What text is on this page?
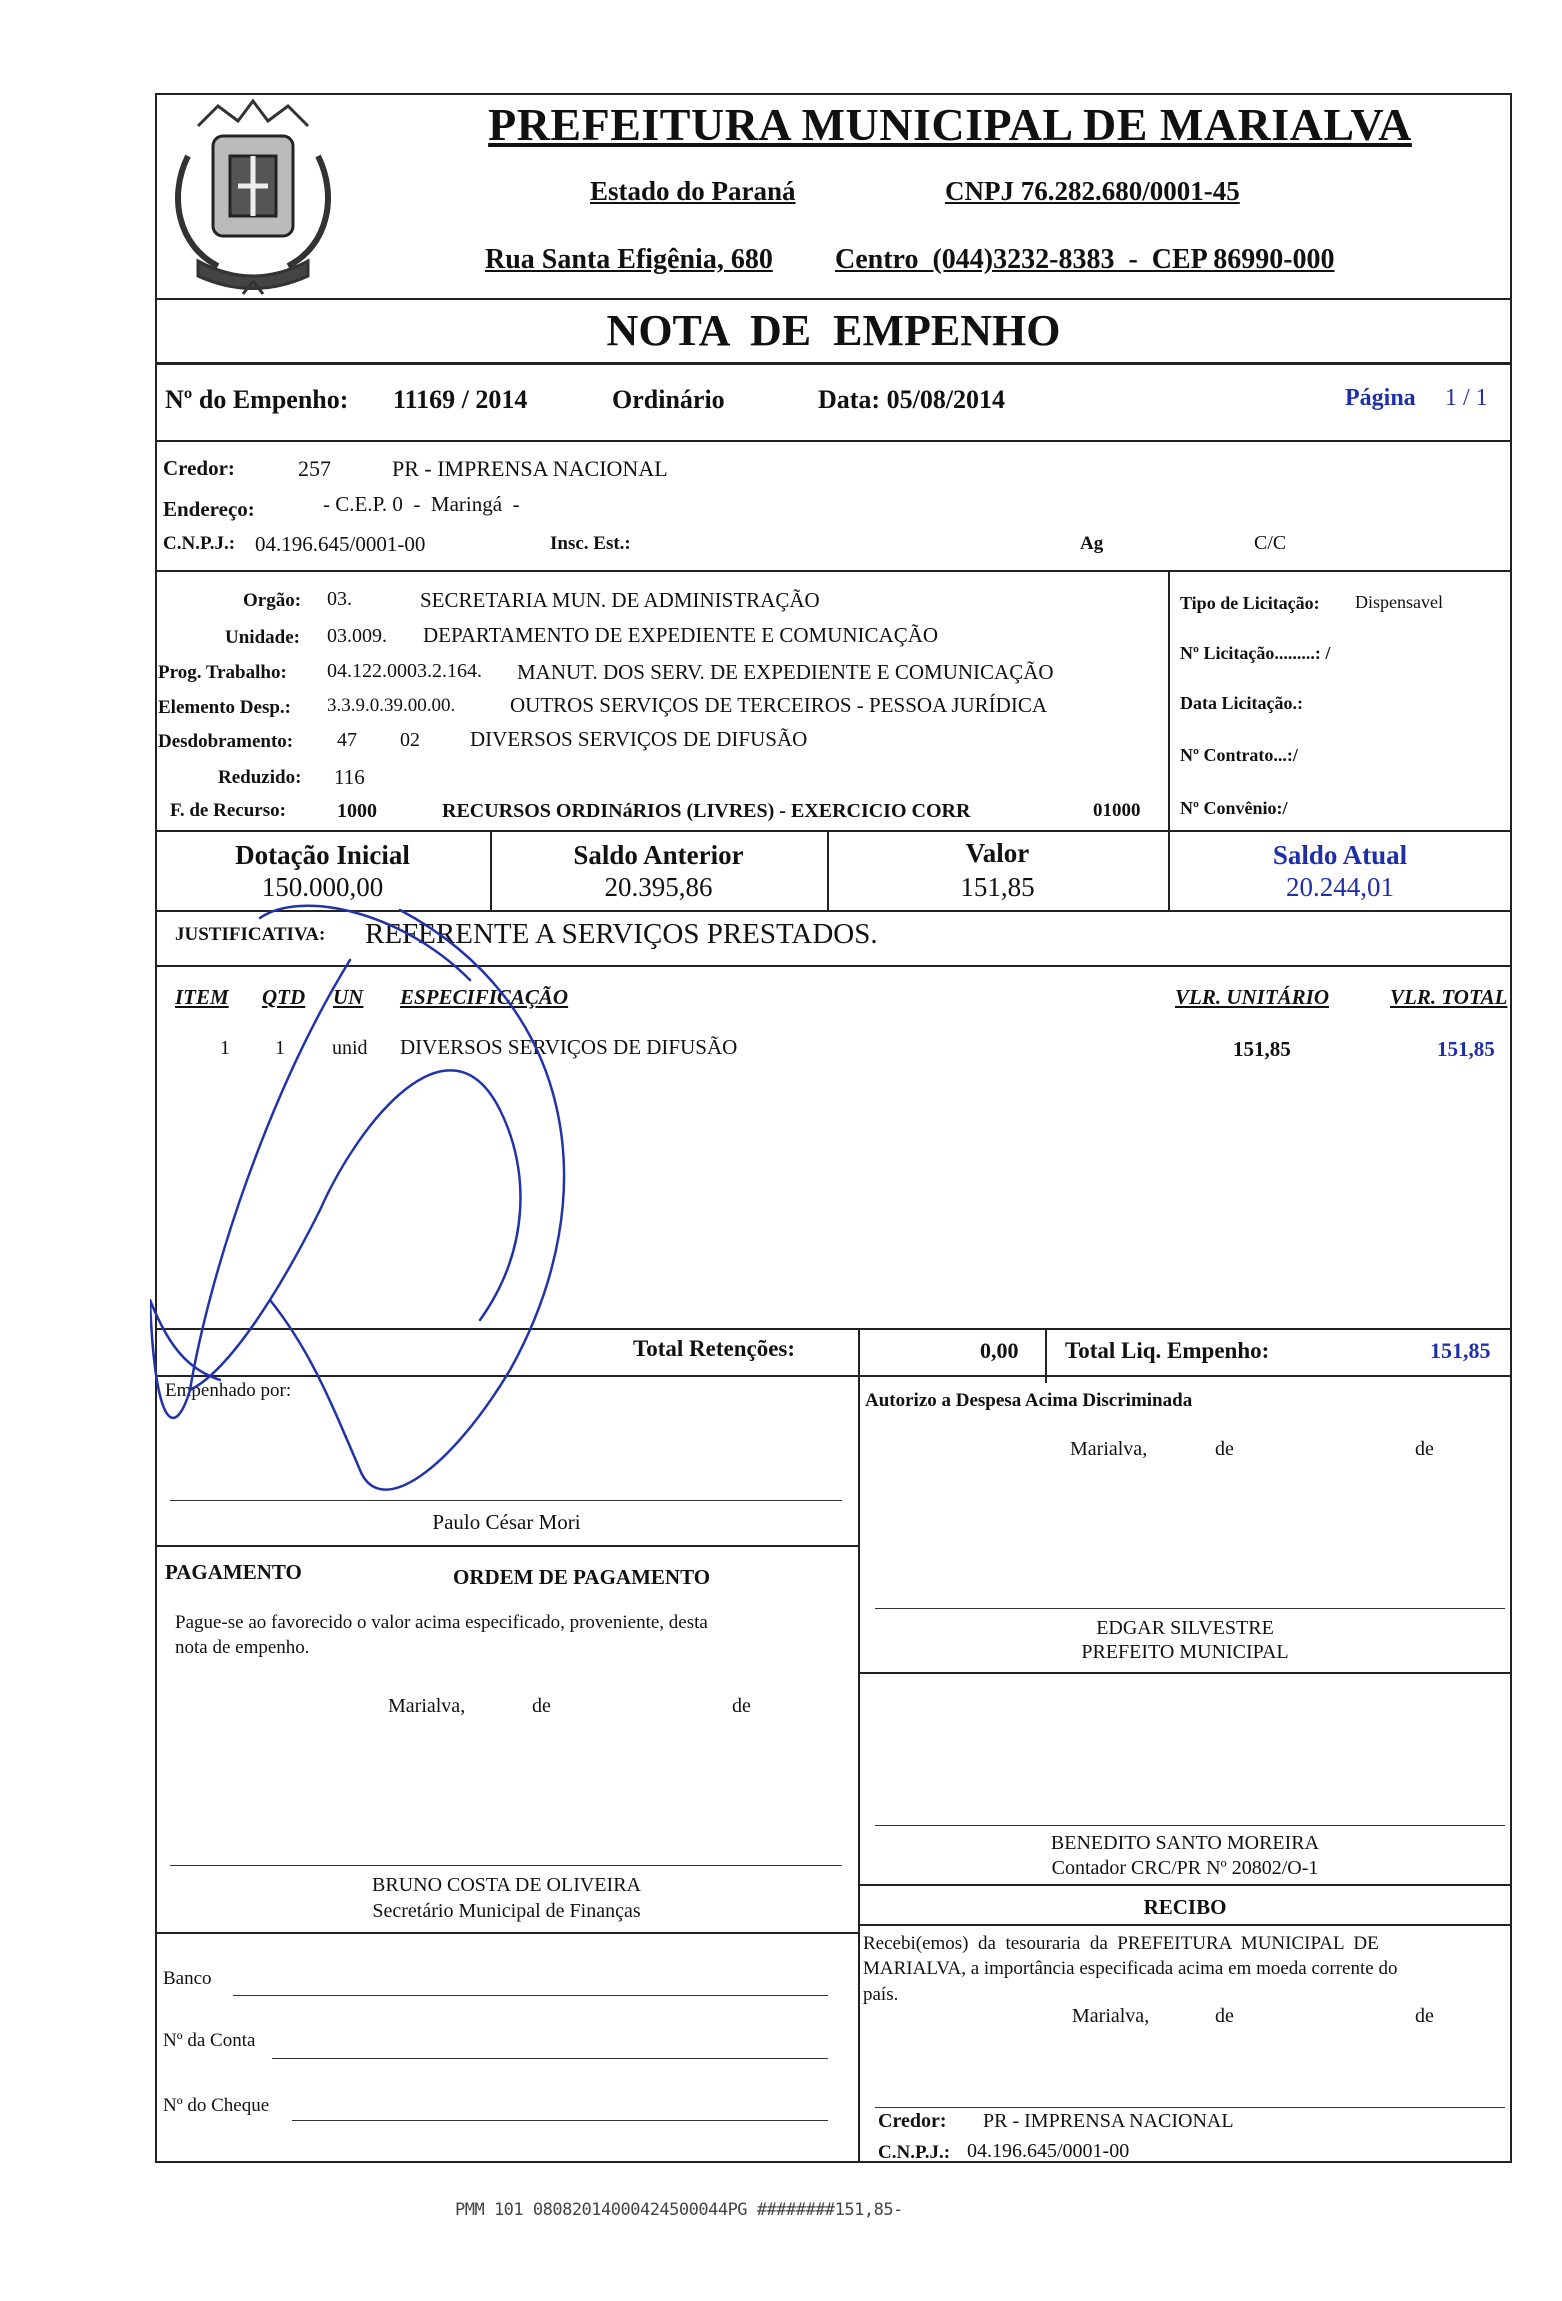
PREFEITURA MUNICIPAL DE MARIALVA
Estado do Paraná	CNPJ 76.282.680/0001-45
Rua Santa Efigênia, 680 Centro  (044)3232-8383  -  CEP 86990-000
NOTA  DE  EMPENHO
Nº do Empenho: 11169 / 2014	Ordinário	Data: 05/08/2014	Página 1 / 1
Credor:	257	PR - IMPRENSA NACIONAL
Endereço:	- C.E.P. 0  -  Maringá  -
C.N.P.J.: 04.196.645/0001-00	Insc. Est.:	Ag	C/C
Orgão: 03.	SECRETARIA MUN. DE ADMINISTRAÇÃO
Unidade: 03.009. DEPARTAMENTO DE EXPEDIENTE E COMUNICAÇÃO
Prog. Trabalho: 04.122.0003.2.164. MANUT. DOS SERV. DE EXPEDIENTE E COMUNICAÇÃO
Elemento Desp.: 3.3.9.0.39.00.00.	OUTROS SERVIÇOS DE TERCEIROS - PESSOA JURÍDICA
Desdobramento: 47 02 DIVERSOS SERVIÇOS DE DIFUSÃO
Reduzido: 116
F. de Recurso:	1000	RECURSOS ORDINáRIOS (LIVRES) - EXERCICIO CORR	01000
Tipo de Licitação: Dispensavel
Nº Licitação.........: /
Data Licitação.:
Nº Contrato...:/
Nº Convênio:/
Dotação Inicial
150.000,00
Saldo Anterior
20.395,86
Valor
151,85
Saldo Atual
20.244,01
JUSTIFICATIVA: REFERENTE A SERVIÇOS PRESTADOS.
ITEM QTD UN ESPECIFICAÇÃO	VLR. UNITÁRIO	VLR. TOTAL
1 1 unid DIVERSOS SERVIÇOS DE DIFUSÃO	151,85	151,85
Total Retenções:	0,00 Total Liq. Empenho:	151,85
Empenhado por:
Paulo César Mori
PAGAMENTO	ORDEM DE PAGAMENTO
Pague-se ao favorecido o valor acima especificado, proveniente, desta
nota de empenho.
Marialva,	de	de
BRUNO COSTA DE OLIVEIRA
Secretário Municipal de Finanças
Banco
Nº da Conta
Nº do Cheque
Autorizo a Despesa Acima Discriminada
Marialva,	de	de
EDGAR SILVESTRE
PREFEITO MUNICIPAL
BENEDITO SANTO MOREIRA
Contador CRC/PR Nº 20802/O-1
RECIBO
Recebi(emos)  da  tesouraria  da  PREFEITURA  MUNICIPAL  DE
MARIALVA, a importância especificada acima em moeda corrente do
país.
Marialva,	de	de
Credor: PR - IMPRENSA NACIONAL
C.N.P.J.: 04.196.645/0001-00
PMM 101 08082014000424500044PG ########151,85-
